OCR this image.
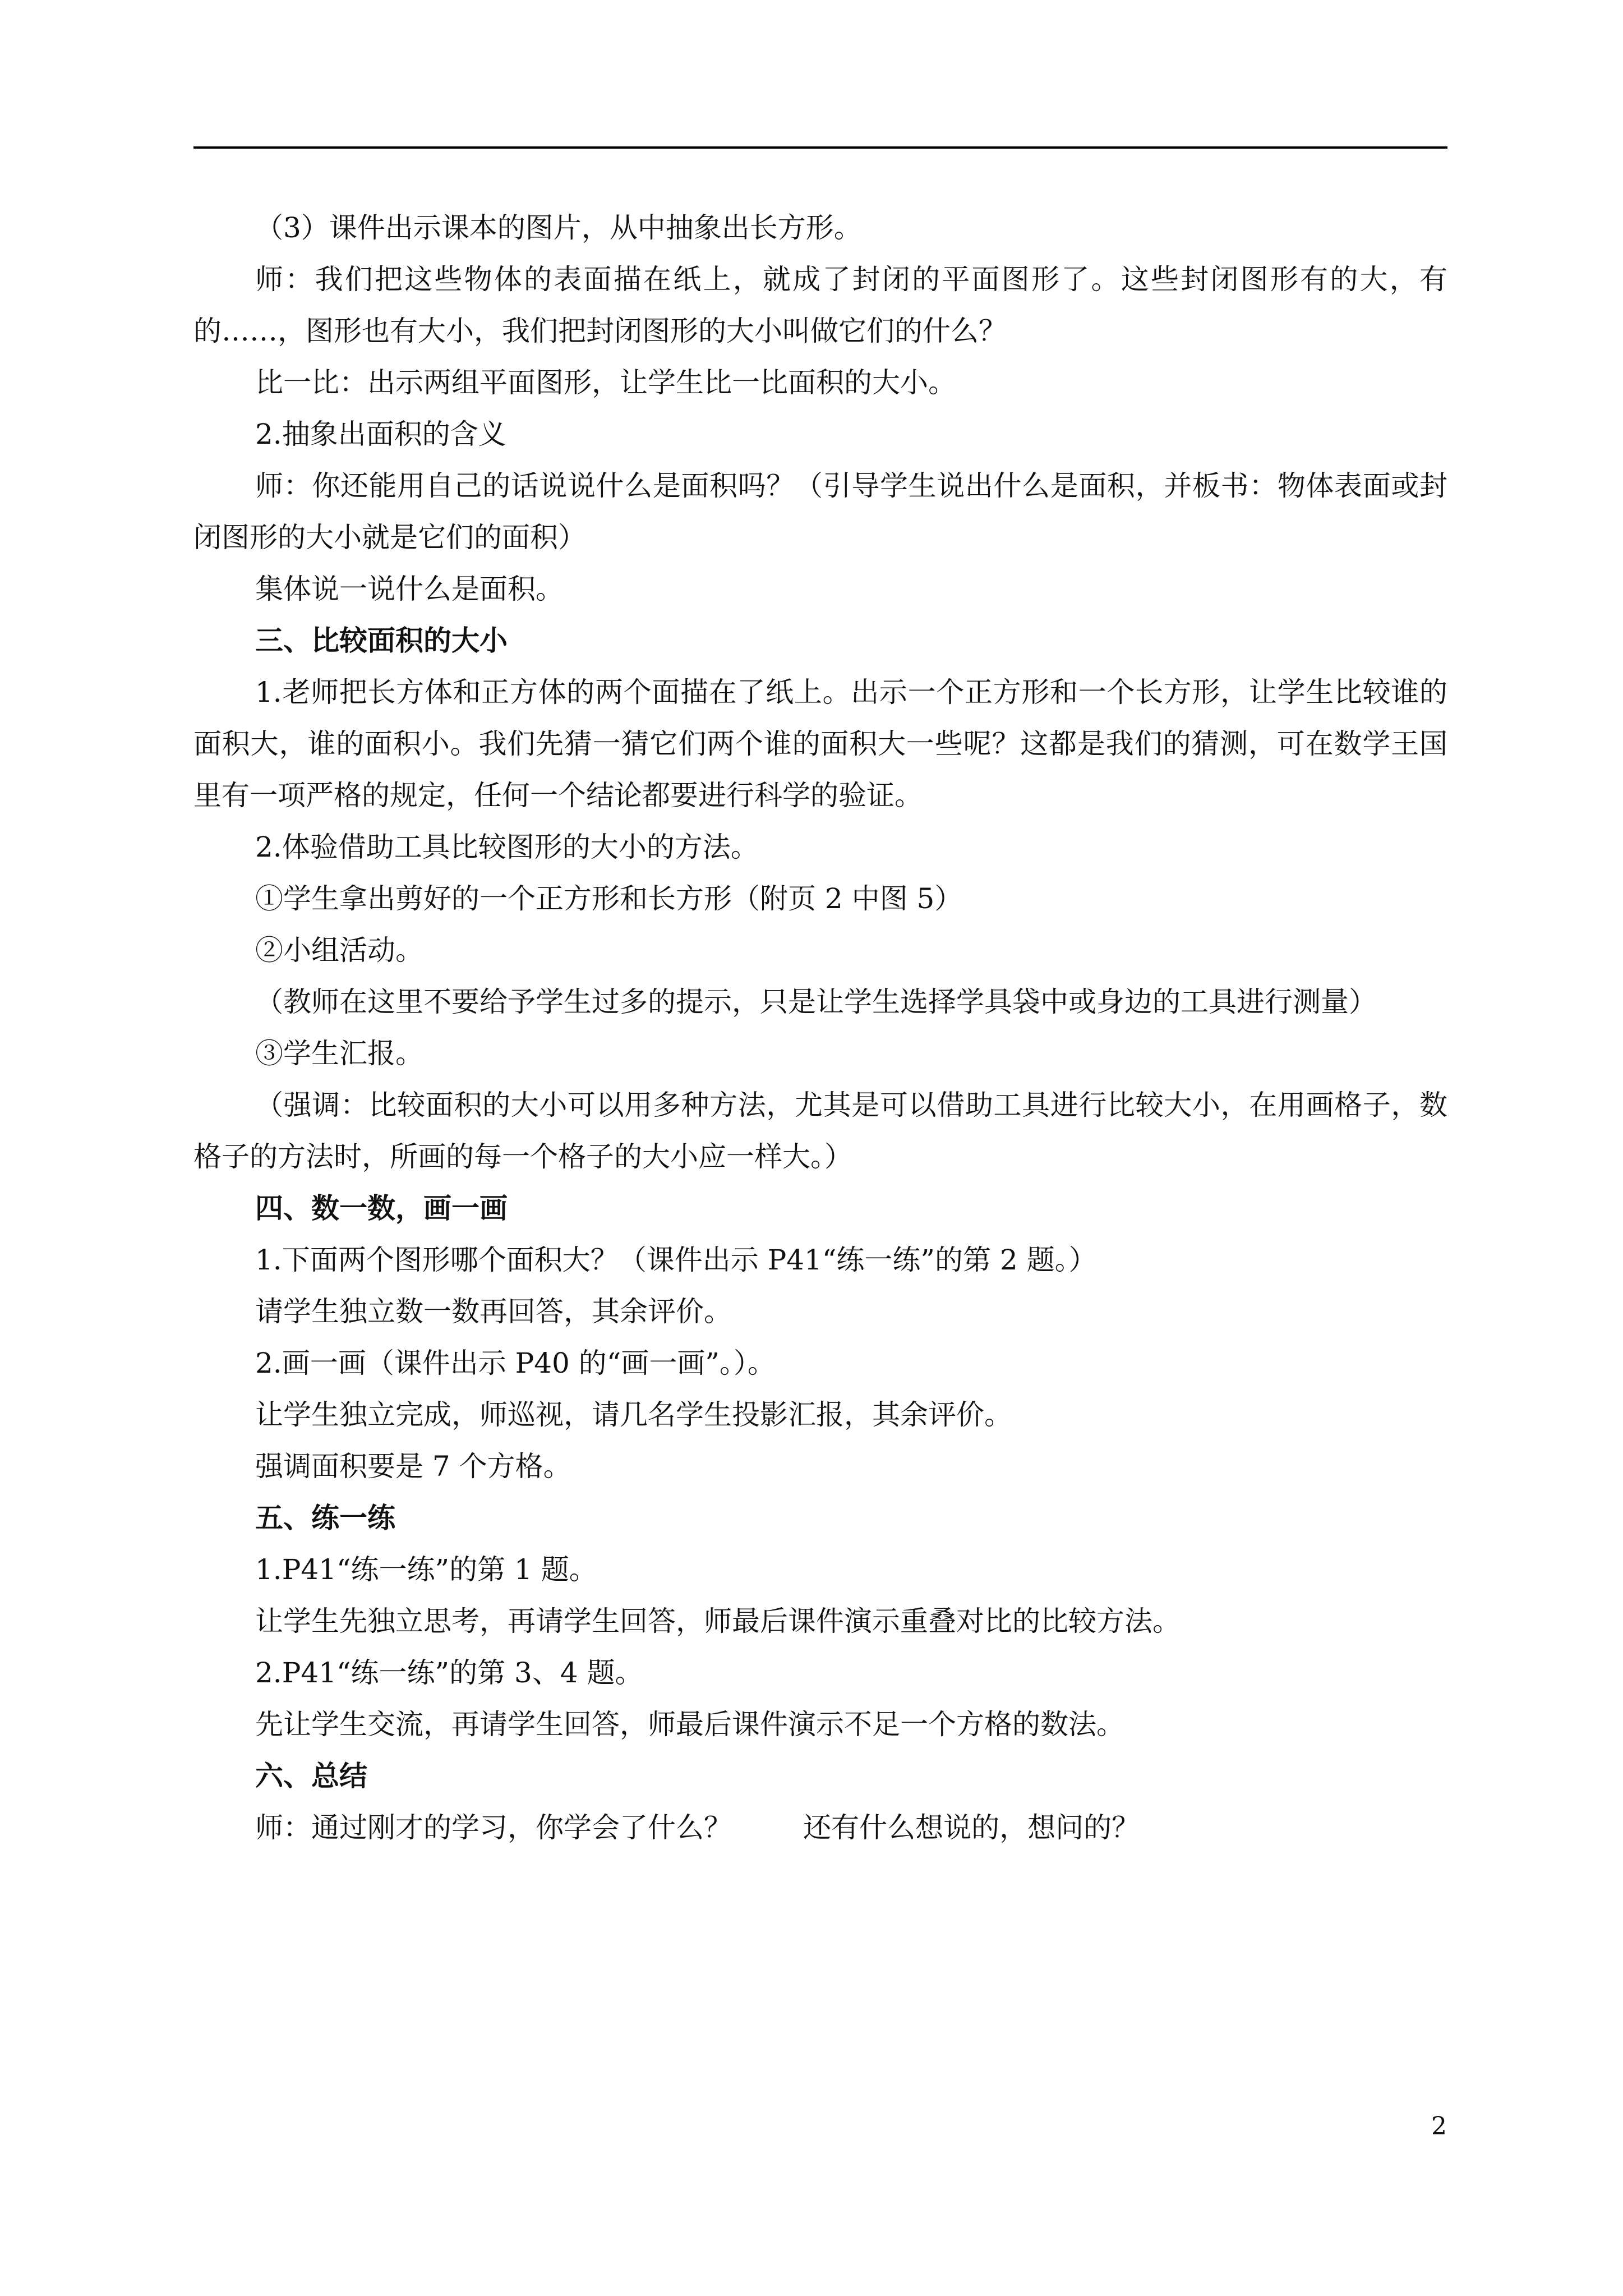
（3）课件出示课本的图片，从中抽象出长方形。

师：我们把这些物体的表面描在纸上，就成了封闭的平面图形了。这些封闭图形有的大，有的……，图形也有大小，我们把封闭图形的大小叫做它们的什么？

比一比：出示两组平面图形，让学生比一比面积的大小。

2.抽象出面积的含义

师：你还能用自己的话说说什么是面积吗？（引导学生说出什么是面积，并板书：物体表面或封闭图形的大小就是它们的面积）

集体说一说什么是面积。

三、比较面积的大小

1.老师把长方体和正方体的两个面描在了纸上。出示一个正方形和一个长方形，让学生比较谁的面积大，谁的面积小。我们先猜一猜它们两个谁的面积大一些呢？这都是我们的猜测，可在数学王国里有一项严格的规定，任何一个结论都要进行科学的验证。

2.体验借助工具比较图形的大小的方法。

①学生拿出剪好的一个正方形和长方形（附页 2 中图 5）

②小组活动。

（教师在这里不要给予学生过多的提示，只是让学生选择学具袋中或身边的工具进行测量）

③学生汇报。

（强调：比较面积的大小可以用多种方法，尤其是可以借助工具进行比较大小，在用画格子，数格子的方法时，所画的每一个格子的大小应一样大。）

四、数一数，画一画

1.下面两个图形哪个面积大？（课件出示 P41“练一练”的第 2 题。）

请学生独立数一数再回答，其余评价。

2.画一画（课件出示 P40 的“画一画”。）。

让学生独立完成，师巡视，请几名学生投影汇报，其余评价。

强调面积要是 7 个方格。

五、练一练

1.P41“练一练”的第 1 题。

让学生先独立思考，再请学生回答，师最后课件演示重叠对比的比较方法。

2.P41“练一练”的第 3、4 题。

先让学生交流，再请学生回答，师最后课件演示不足一个方格的数法。

六、总结

师：通过刚才的学习，你学会了什么？        还有什么想说的，想问的？

2
